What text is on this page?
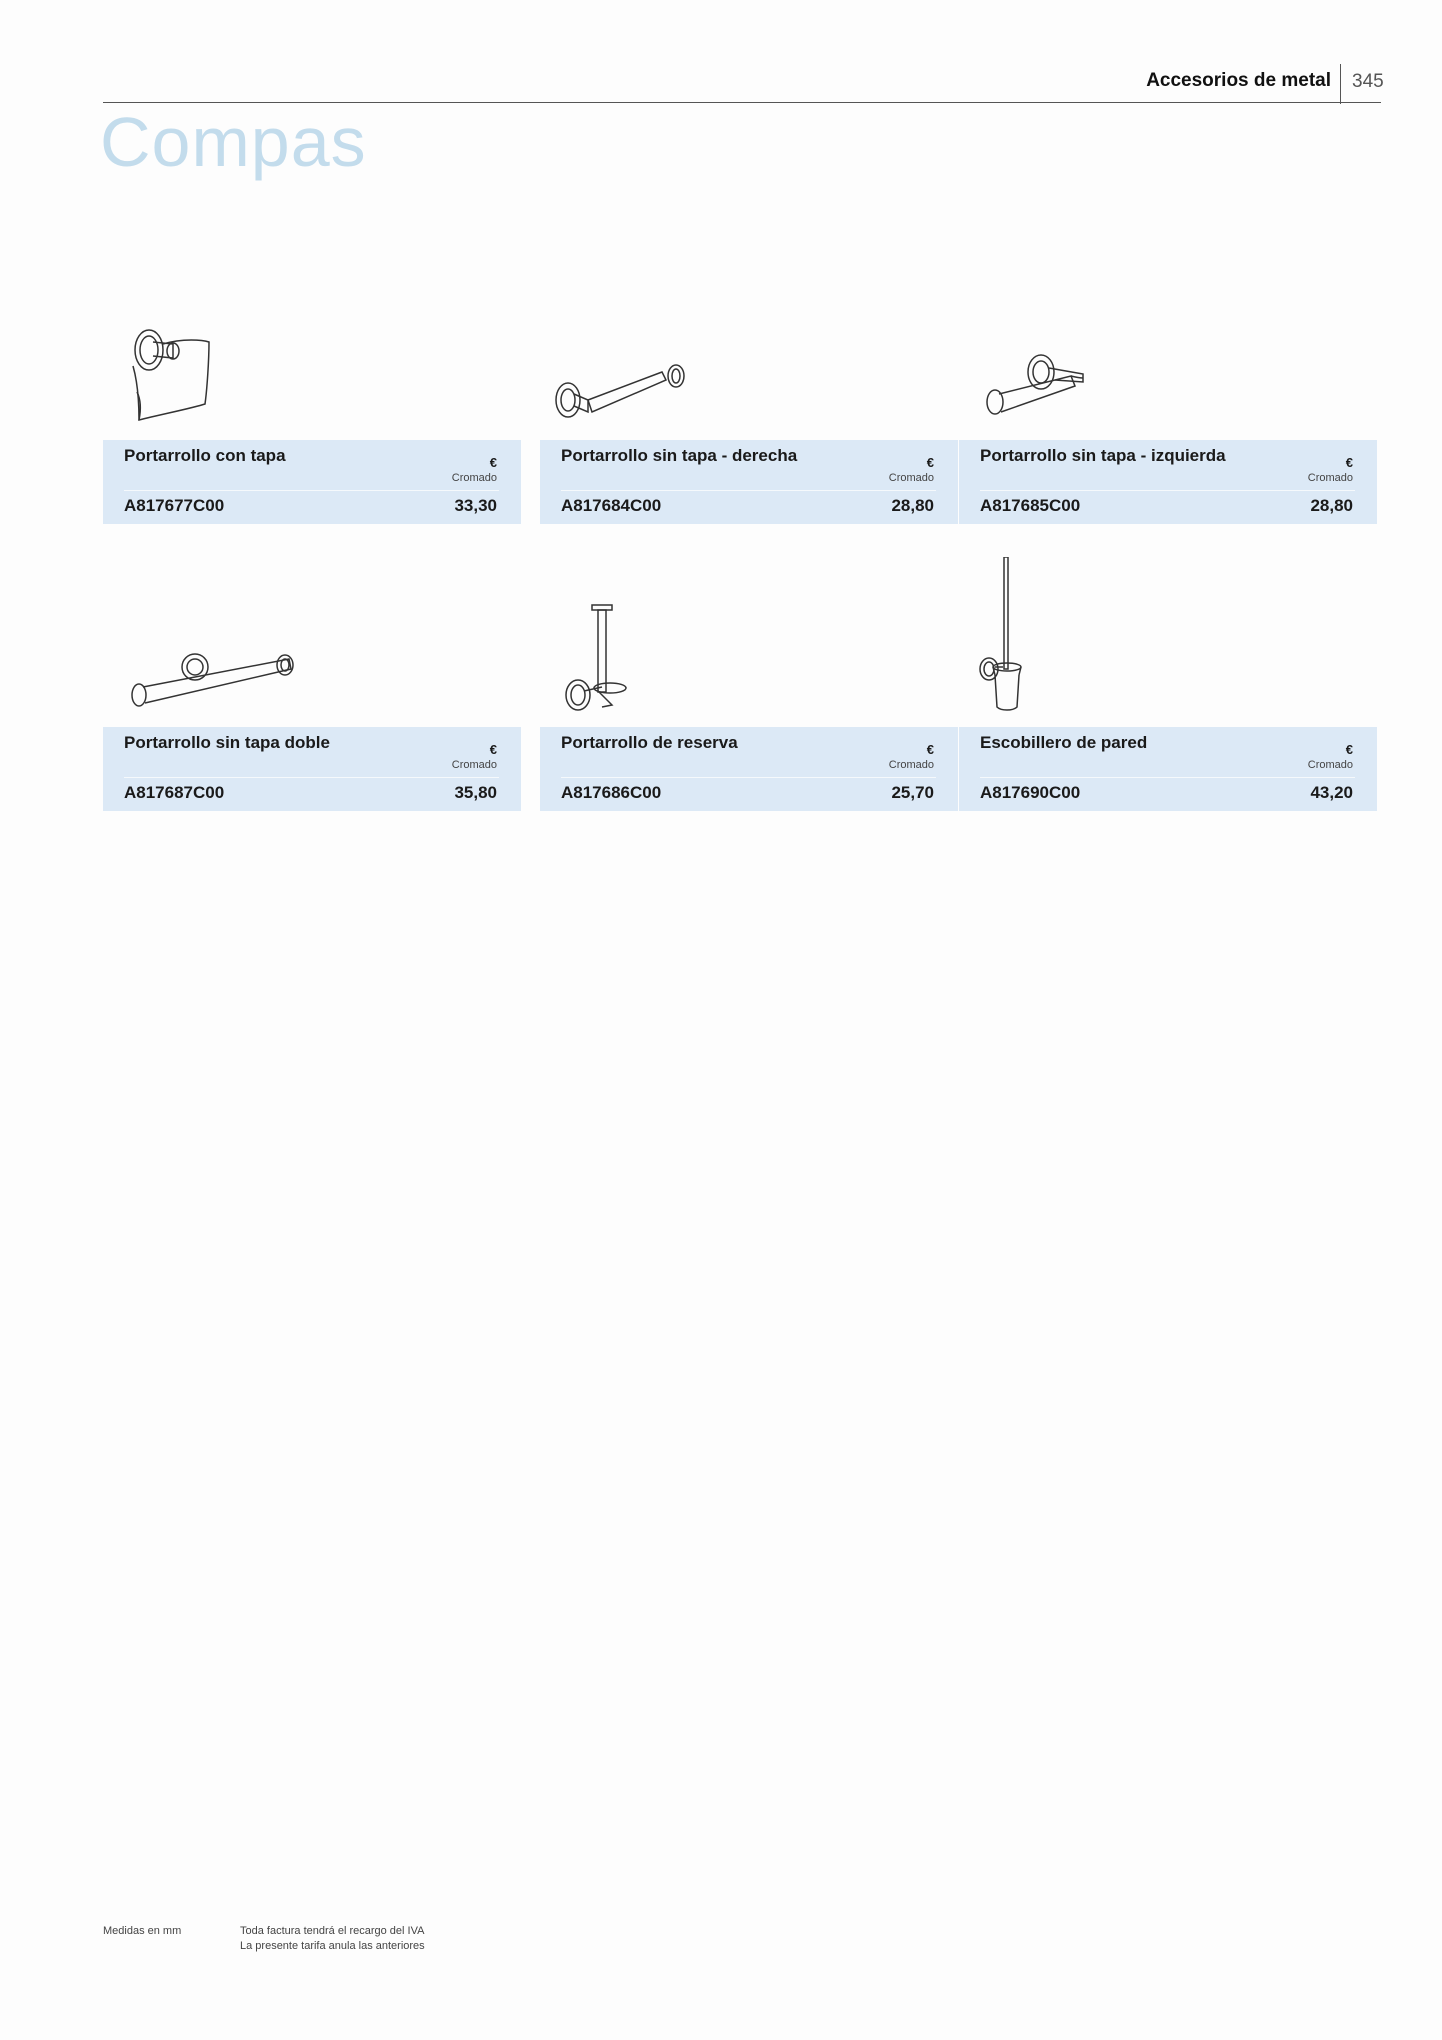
Accesorios de metal 345
Compas
Portarrollo con tapa	€
Cromado
A817677C00	33,30
Portarrollo sin tapa - derecha	€
Cromado
A817684C00	28,80
Portarrollo sin tapa - izquierda	€
Cromado
A817685C00	28,80
Portarrollo sin tapa doble	€
Cromado
A817687C00	35,80
Portarrollo de reserva	€
Cromado
A817686C00	25,70
Escobillero de pared	€
Cromado
A817690C00	43,20
Medidas en mm	Toda factura tendrá el recargo del IVA
La presente tarifa anula las anteriores
